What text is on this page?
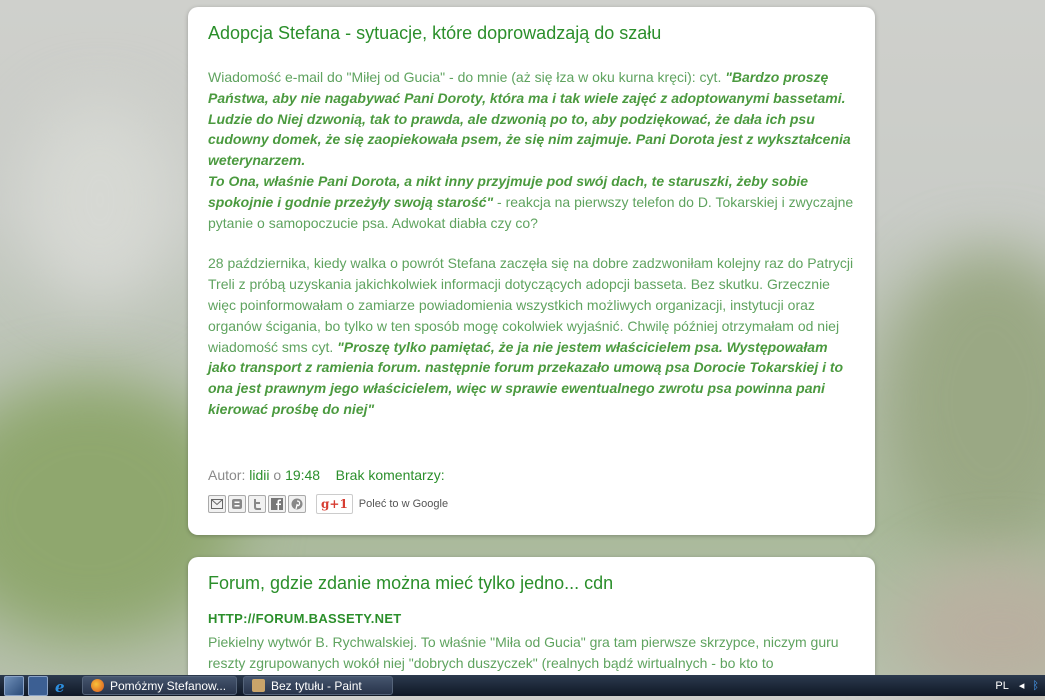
Adopcja Stefana - sytuacje, które doprowadzają do szału
Wiadomość e-mail do "Miłej od Gucia" - do mnie (aż się łza w oku kurna kręci): cyt. "Bardzo proszę Państwa, aby nie nagabywać Pani Doroty, która ma i tak wiele zajęć z adoptowanymi bassetami. Ludzie do Niej dzwonią, tak to prawda, ale dzwonią po to, aby podziękować, że dała ich psu cudowny domek, że się zaopiekowała psem, że się nim zajmuje. Pani Dorota jest z wykształcenia weterynarzem.
To Ona, właśnie Pani Dorota, a nikt inny przyjmuje pod swój dach, te staruszki, żeby sobie spokojnie i godnie przeżyły swoją starość" - reakcja na pierwszy telefon do D. Tokarskiej i zwyczajne pytanie o samopoczucie psa. Adwokat diabła czy co?
28 października, kiedy walka o powrót Stefana zaczęła się na dobre zadzwoniłam kolejny raz do Patrycji Treli z próbą uzyskania jakichkolwiek informacji dotyczących adopcji basseta. Bez skutku. Grzecznie więc poinformowałam o zamiarze powiadomienia wszystkich możliwych organizacji, instytucji oraz organów ścigania, bo tylko w ten sposób mogę cokolwiek wyjaśnić. Chwilę później otrzymałam od niej wiadomość sms cyt. "Proszę tylko pamiętać, że ja nie jestem właścicielem psa. Występowałam jako transport z ramienia forum. następnie forum przekazało umową psa Dorocie Tokarskiej i to ona jest prawnym jego właścicielem, więc w sprawie ewentualnego zwrotu psa powinna pani kierować prośbę do niej"
Autor: lidii o 19:48 Brak komentarzy:
g+1	Poleć to w Google
Forum, gdzie zdanie można mieć tylko jedno... cdn
HTTP://FORUM.BASSETY.NET
Piekielny wytwór B. Rychwalskiej. To właśnie "Miła od Gucia" gra tam pierwsze skrzypce, niczym guru reszty zgrupowanych wokół niej "dobrych duszyczek" (realnych bądź wirtualnych - bo kto to
e	Pomóżmy Stefanow...	Bez tytułu - Paint	PL ◂ ᛒ
